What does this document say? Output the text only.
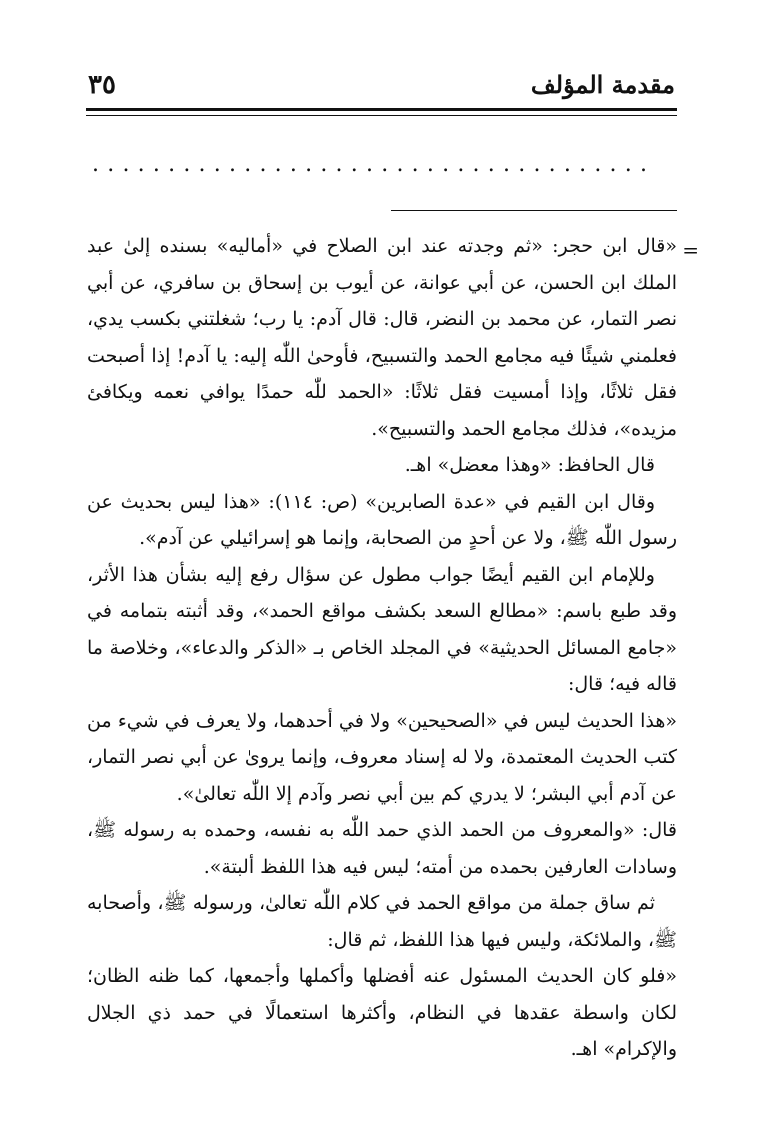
مقدمة المؤلف
٣٥
. . . . . . . . . . . . . . . . . . . . . . . . . . . . . . . . . . . . .
=

«قال ابن حجر: «ثم وجدته عند ابن الصلاح في «أماليه» بسنده إلىٰ عبد الملك ابن الحسن، عن أبي عوانة، عن أيوب بن إسحاق بن سافري، عن أبي نصر التمار، عن محمد بن النضر، قال: قال آدم: يا رب؛ شغلتني بكسب يدي، فعلمني شيئًا فيه مجامع الحمد والتسبيح، فأوحىٰ اللّٰه إليه: يا آدم! إذا أصبحت فقل ثلاثًا، وإذا أمسيت فقل ثلاثًا: «الحمد للّٰه حمدًا يوافي نعمه ويكافئ مزيده»، فذلك مجامع الحمد والتسبيح».

قال الحافظ: «وهذا معضل» اهـ.

وقال ابن القيم في «عدة الصابرين» (ص: ١١٤): «هذا ليس بحديث عن رسول اللّٰه ﷺ، ولا عن أحدٍ من الصحابة، وإنما هو إسرائيلي عن آدم».

وللإمام ابن القيم أيضًا جواب مطول عن سؤال رفع إليه بشأن هذا الأثر، وقد طبع باسم: «مطالع السعد بكشف مواقع الحمد»، وقد أثبته بتمامه في «جامع المسائل الحديثية» في المجلد الخاص بـ «الذكر والدعاء»، وخلاصة ما قاله فيه؛ قال:

«هذا الحديث ليس في «الصحيحين» ولا في أحدهما، ولا يعرف في شيء من كتب الحديث المعتمدة، ولا له إسناد معروف، وإنما يروىٰ عن أبي نصر التمار، عن آدم أبي البشر؛ لا يدري كم بين أبي نصر وآدم إلا اللّٰه تعالىٰ».

قال: «والمعروف من الحمد الذي حمد اللّٰه به نفسه، وحمده به رسوله ﷺ، وسادات العارفين بحمده من أمته؛ ليس فيه هذا اللفظ ألبتة».

ثم ساق جملة من مواقع الحمد في كلام اللّٰه تعالىٰ، ورسوله ﷺ، وأصحابه ﷺ، والملائكة، وليس فيها هذا اللفظ، ثم قال:

«فلو كان الحديث المسئول عنه أفضلها وأكملها وأجمعها، كما ظنه الظان؛ لكان واسطة عقدها في النظام، وأكثرها استعمالًا في حمد ذي الجلال والإكرام» اهـ.
